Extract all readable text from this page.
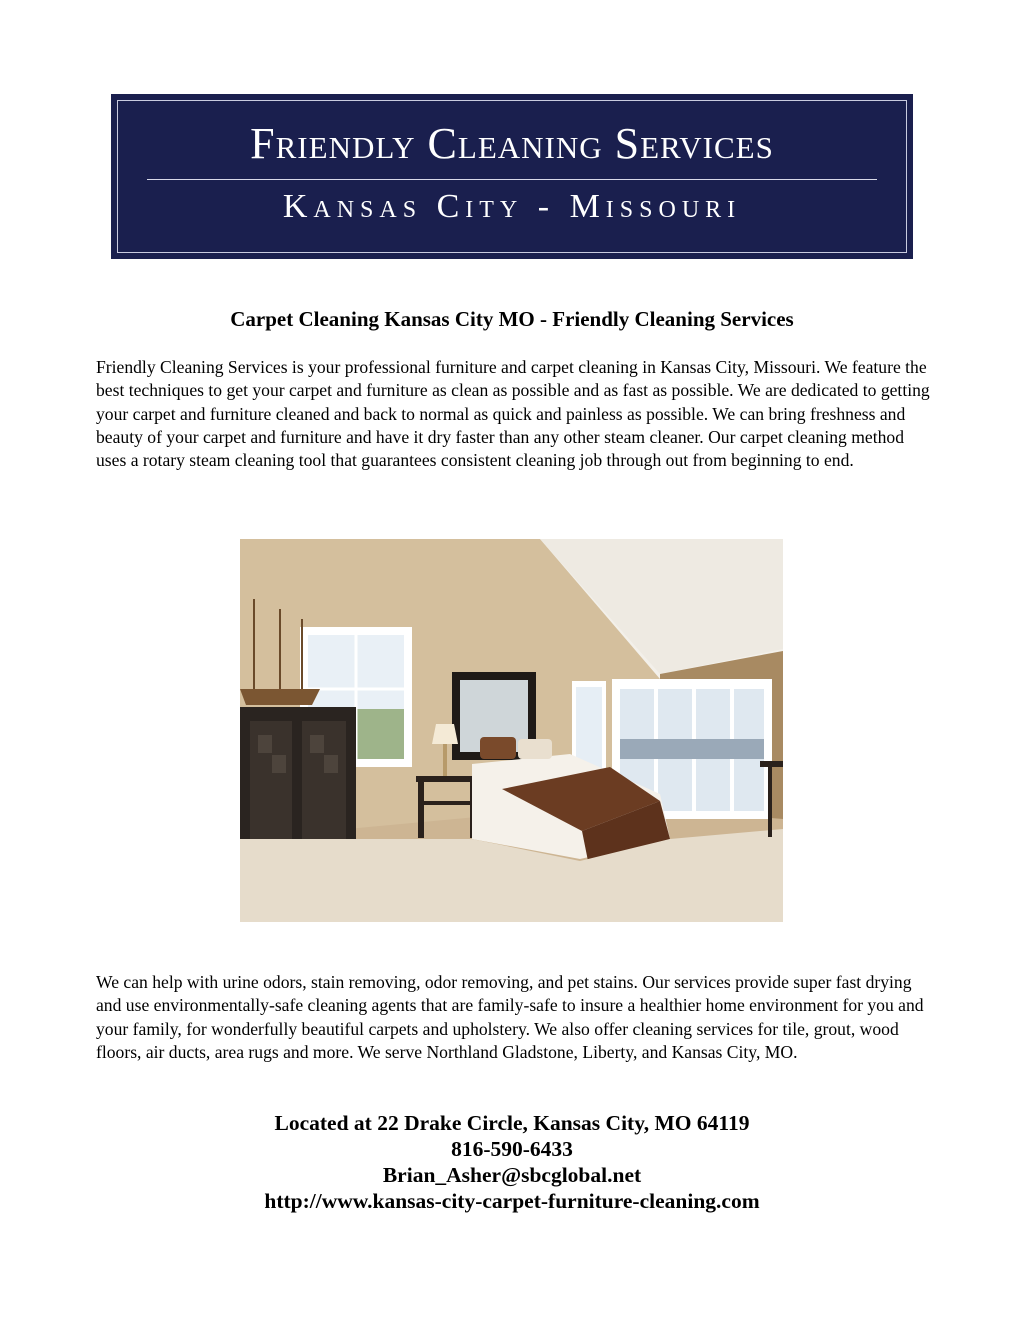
Friendly Cleaning Services
Kansas City - Missouri
Carpet Cleaning Kansas City MO - Friendly Cleaning Services
Friendly Cleaning Services is your professional furniture and carpet cleaning in Kansas City, Missouri. We feature the best techniques to get your carpet and furniture as clean as possible and as fast as possible. We are dedicated to getting your carpet and furniture cleaned and back to normal as quick and painless as possible. We can bring freshness and beauty of your carpet and furniture and have it dry faster than any other steam cleaner. Our carpet cleaning method uses a rotary steam cleaning tool that guarantees consistent cleaning job through out from beginning to end.
We can help with urine odors, stain removing, odor removing, and pet stains. Our services provide super fast drying and use environmentally-safe cleaning agents that are family-safe to insure a healthier home environment for you and your family, for wonderfully beautiful carpets and upholstery. We also offer cleaning services for tile, grout, wood floors, air ducts, area rugs and more. We serve Northland Gladstone, Liberty, and Kansas City, MO.
Located at 22 Drake Circle, Kansas City, MO 64119
816-590-6433
Brian_Asher@sbcglobal.net
http://www.kansas-city-carpet-furniture-cleaning.com
